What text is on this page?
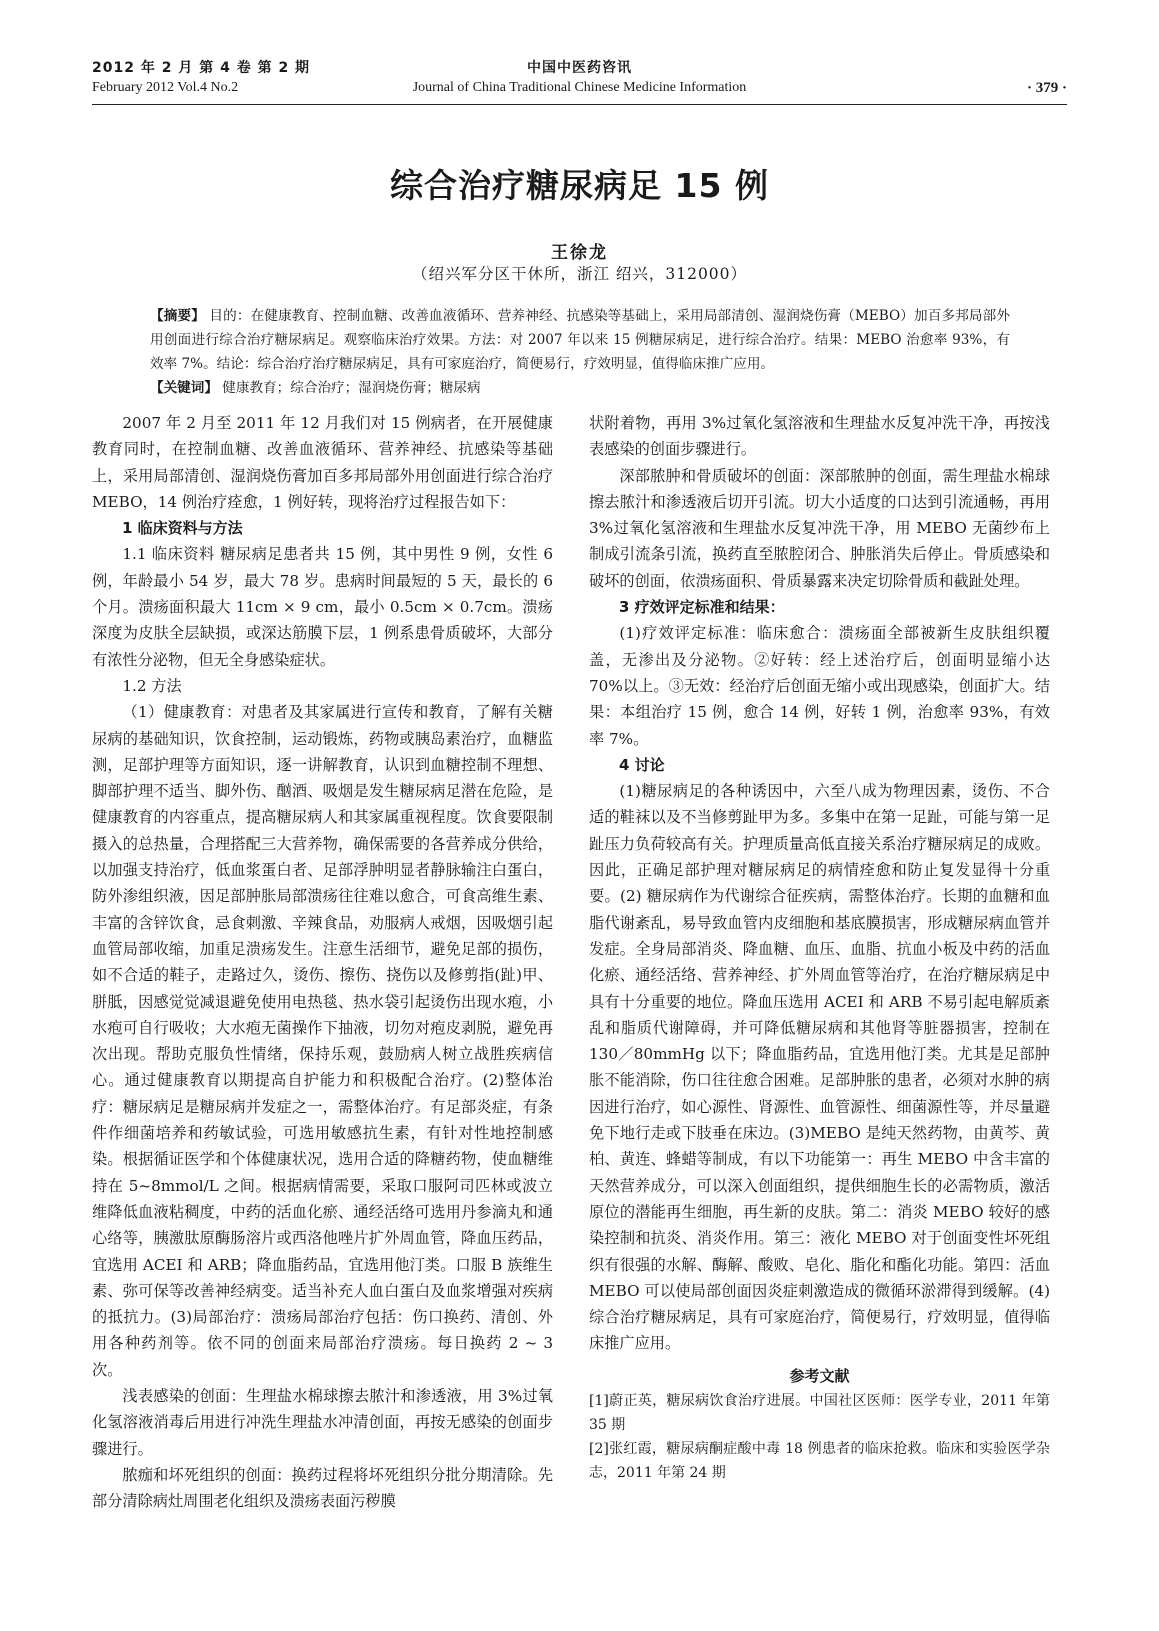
2012 年 2 月 第 4 卷 第 2 期
February 2012 Vol.4 No.2
中国中医药咨讯
Journal of China Traditional Chinese Medicine Information	· 379 ·
综合治疗糖尿病足 15 例
王徐龙
（绍兴军分区干休所，浙江 绍兴，312000）

【摘要】 目的：在健康教育、控制血糖、改善血液循环、营养神经、抗感染等基础上，采用局部清创、湿润烧伤膏（MEBO）加百多邦局部外用创面进行综合治疗糖尿病足。观察临床治疗效果。方法：对 2007 年以来 15 例糖尿病足，进行综合治疗。结果：MEBO 治愈率 93%，有效率 7%。结论：综合治疗治疗糖尿病足，具有可家庭治疗，简便易行，疗效明显，值得临床推广应用。

【关键词】 健康教育；综合治疗；湿润烧伤膏；糖尿病

2007 年 2 月至 2011 年 12 月我们对 15 例病者，在开展健康教育同时，在控制血糖、改善血液循环、营养神经、抗感染等基础上，采用局部清创、湿润烧伤膏加百多邦局部外用创面进行综合治疗 MEBO，14 例治疗痊愈，1 例好转，现将治疗过程报告如下：

1 临床资料与方法

1.1 临床资料 糖尿病足患者共 15 例，其中男性 9 例，女性 6 例，年龄最小 54 岁，最大 78 岁。患病时间最短的 5 天，最长的 6 个月。溃疡面积最大 11cm × 9 cm，最小 0.5cm × 0.7cm。溃疡深度为皮肤全层缺损，或深达筋膜下层，1 例系患骨质破坏，大部分有浓性分泌物，但无全身感染症状。

1.2 方法

（1）健康教育：对患者及其家属进行宣传和教育，了解有关糖尿病的基础知识，饮食控制，运动锻炼，药物或胰岛素治疗，血糖监测，足部护理等方面知识，逐一讲解教育，认识到血糖控制不理想、脚部护理不适当、脚外伤、酗酒、吸烟是发生糖尿病足潜在危险，是健康教育的内容重点，提高糖尿病人和其家属重视程度。饮食要限制摄入的总热量，合理搭配三大营养物，确保需要的各营养成分供给，以加强支持治疗，低血浆蛋白者、足部浮肿明显者静脉输注白蛋白，防外渗组织液，因足部肿胀局部溃疡往往难以愈合，可食高维生素、丰富的含锌饮食，忌食刺激、辛辣食品，劝服病人戒烟，因吸烟引起血管局部收缩，加重足溃疡发生。注意生活细节，避免足部的损伤，如不合适的鞋子，走路过久，烫伤、擦伤、挠伤以及修剪指(趾)甲、胼胝，因感觉觉减退避免使用电热毯、热水袋引起烫伤出现水疱，小水疱可自行吸收；大水疱无菌操作下抽液，切勿对疱皮剥脱，避免再次出现。帮助克服负性情绪，保持乐观，鼓励病人树立战胜疾病信心。通过健康教育以期提高自护能力和积极配合治疗。(2)整体治疗：糖尿病足是糖尿病并发症之一，需整体治疗。有足部炎症，有条件作细菌培养和药敏试验，可选用敏感抗生素，有针对性地控制感染。根据循证医学和个体健康状况，选用合适的降糖药物，使血糖维持在 5~8mmol/L 之间。根据病情需要，采取口服阿司匹林或波立维降低血液粘稠度，中药的活血化瘀、通经活络可选用丹参滴丸和通心络等，胰激肽原酶肠溶片或西洛他唑片扩外周血管，降血压药品，宜选用 ACEI 和 ARB；降血脂药品，宜选用他汀类。口服 B 族维生素、弥可保等改善神经病变。适当补充人血白蛋白及血浆增强对疾病的抵抗力。(3)局部治疗：溃疡局部治疗包括：伤口换药、清创、外用各种药剂等。依不同的创面来局部治疗溃疡。每日换药 2 ~ 3 次。

浅表感染的创面：生理盐水棉球擦去脓汁和渗透液，用 3%过氧化氢溶液消毒后用进行冲洗生理盐水冲清创面，再按无感染的创面步骤进行。

脓痂和坏死组织的创面：换药过程将坏死组织分批分期清除。先部分清除病灶周围老化组织及溃疡表面污秽膜

状附着物，再用 3%过氧化氢溶液和生理盐水反复冲洗干净，再按浅表感染的创面步骤进行。

深部脓肿和骨质破坏的创面：深部脓肿的创面，需生理盐水棉球擦去脓汁和渗透液后切开引流。切大小适度的口达到引流通畅，再用 3%过氧化氢溶液和生理盐水反复冲洗干净，用 MEBO 无菌纱布上制成引流条引流，换药直至脓腔闭合、肿胀消失后停止。骨质感染和破坏的创面，依溃疡面积、骨质暴露来决定切除骨质和截趾处理。

3 疗效评定标准和结果：

(1)疗效评定标准：临床愈合：溃疡面全部被新生皮肤组织覆盖，无渗出及分泌物。②好转：经上述治疗后，创面明显缩小达 70%以上。③无效：经治疗后创面无缩小或出现感染，创面扩大。结果：本组治疗 15 例，愈合 14 例，好转 1 例，治愈率 93%，有效率 7%。

4 讨论

(1)糖尿病足的各种诱因中，六至八成为物理因素，烫伤、不合适的鞋袜以及不当修剪趾甲为多。多集中在第一足趾，可能与第一足趾压力负荷较高有关。护理质量高低直接关系治疗糖尿病足的成败。因此，正确足部护理对糖尿病足的病情痊愈和防止复发显得十分重要。(2) 糖尿病作为代谢综合征疾病，需整体治疗。长期的血糖和血脂代谢紊乱，易导致血管内皮细胞和基底膜损害，形成糖尿病血管并发症。全身局部消炎、降血糖、血压、血脂、抗血小板及中药的活血化瘀、通经活络、营养神经、扩外周血管等治疗，在治疗糖尿病足中具有十分重要的地位。降血压选用 ACEI 和 ARB 不易引起电解质紊乱和脂质代谢障碍，并可降低糖尿病和其他肾等脏器损害，控制在 130／80mmHg 以下；降血脂药品，宜选用他汀类。尤其是足部肿胀不能消除，伤口往往愈合困难。足部肿胀的患者，必须对水肿的病因进行治疗，如心源性、肾源性、血管源性、细菌源性等，并尽量避免下地行走或下肢垂在床边。(3)MEBO 是纯天然药物，由黄芩、黄柏、黄连、蜂蜡等制成，有以下功能第一：再生 MEBO 中含丰富的天然营养成分，可以深入创面组织，提供细胞生长的必需物质，激活原位的潜能再生细胞，再生新的皮肤。第二：消炎 MEBO 较好的感染控制和抗炎、消炎作用。第三：液化 MEBO 对于创面变性坏死组织有很强的水解、酶解、酸败、皂化、脂化和酯化功能。第四：活血 MEBO 可以使局部创面因炎症刺激造成的微循环淤滞得到缓解。(4)综合治疗糖尿病足，具有可家庭治疗，简便易行，疗效明显，值得临床推广应用。

参考文献

[1]蔚正英，糖尿病饮食治疗进展。中国社区医师：医学专业，2011 年第 35 期

[2]张红霞，糖尿病酮症酸中毒 18 例患者的临床抢救。临床和实验医学杂志，2011 年第 24 期
